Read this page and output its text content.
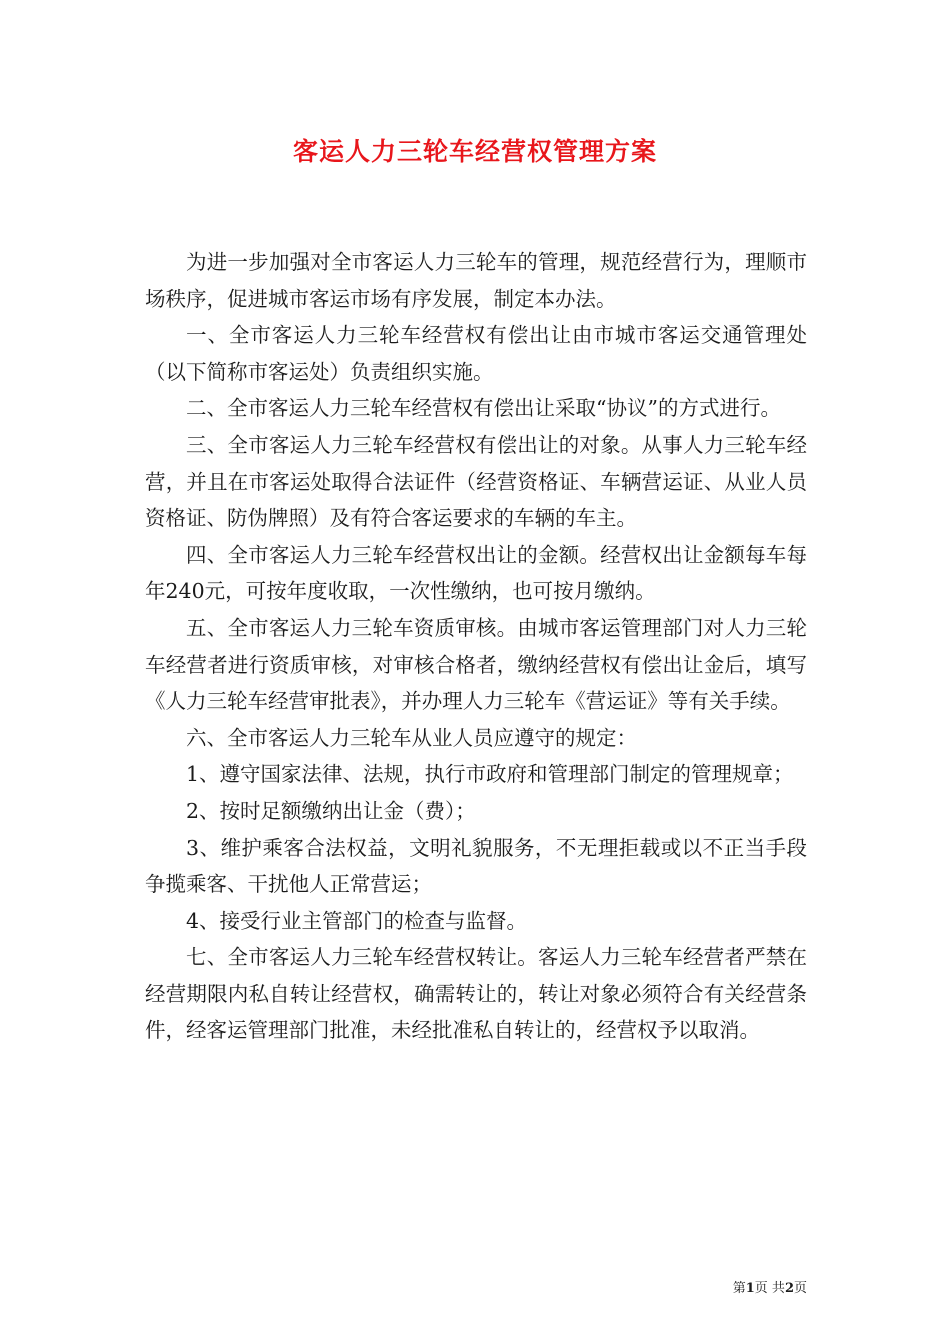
客运人力三轮车经营权管理方案

为进一步加强对全市客运人力三轮车的管理，规范经营行为，理顺市场秩序，促进城市客运市场有序发展，制定本办法。

一、全市客运人力三轮车经营权有偿出让由市城市客运交通管理处（以下简称市客运处）负责组织实施。

二、全市客运人力三轮车经营权有偿出让采取“协议”的方式进行。

三、全市客运人力三轮车经营权有偿出让的对象。从事人力三轮车经营，并且在市客运处取得合法证件（经营资格证、车辆营运证、从业人员资格证、防伪牌照）及有符合客运要求的车辆的车主。

四、全市客运人力三轮车经营权出让的金额。经营权出让金额每车每年240元，可按年度收取，一次性缴纳，也可按月缴纳。

五、全市客运人力三轮车资质审核。由城市客运管理部门对人力三轮车经营者进行资质审核，对审核合格者，缴纳经营权有偿出让金后，填写《人力三轮车经营审批表》，并办理人力三轮车《营运证》等有关手续。

六、全市客运人力三轮车从业人员应遵守的规定：

1、遵守国家法律、法规，执行市政府和管理部门制定的管理规章；

2、按时足额缴纳出让金（费）；

3、维护乘客合法权益，文明礼貌服务，不无理拒载或以不正当手段争揽乘客、干扰他人正常营运；

4、接受行业主管部门的检查与监督。

七、全市客运人力三轮车经营权转让。客运人力三轮车经营者严禁在经营期限内私自转让经营权，确需转让的，转让对象必须符合有关经营条件，经客运管理部门批准，未经批准私自转让的，经营权予以取消。

第1页 共2页
